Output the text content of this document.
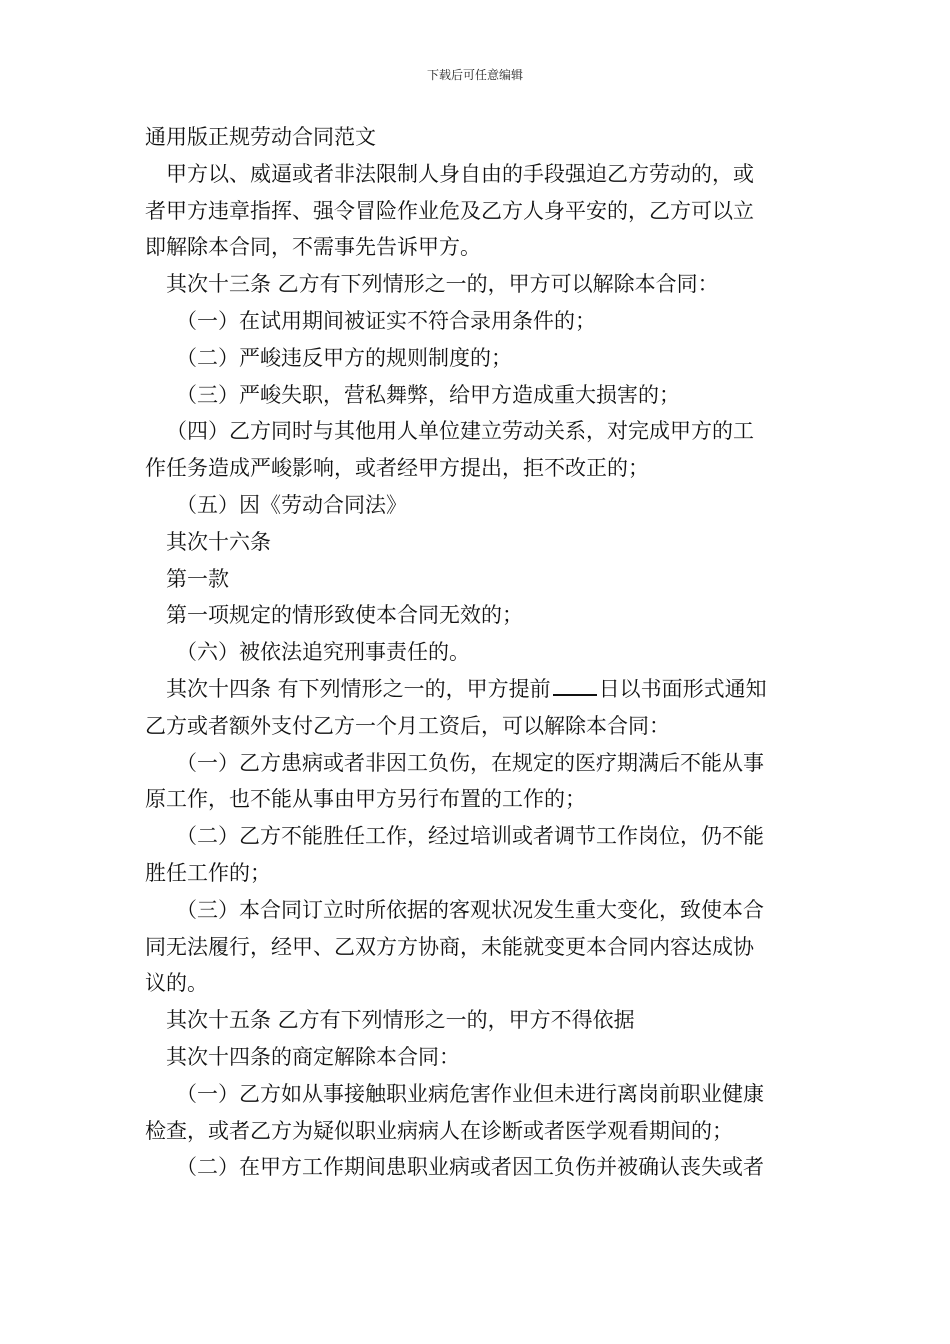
下载后可任意编辑
通用版正规劳动合同范文
甲方以、威逼或者非法限制人身自由的手段强迫乙方劳动的，或
者甲方违章指挥、强令冒险作业危及乙方人身平安的，乙方可以立
即解除本合同，不需事先告诉甲方。
其次十三条 乙方有下列情形之一的，甲方可以解除本合同：
（一）在试用期间被证实不符合录用条件的；
（二）严峻违反甲方的规则制度的；
（三）严峻失职，营私舞弊，给甲方造成重大损害的；
（四）乙方同时与其他用人单位建立劳动关系，对完成甲方的工
作任务造成严峻影响，或者经甲方提出，拒不改正的；
（五）因《劳动合同法》
其次十六条
第一款
第一项规定的情形致使本合同无效的；
（六）被依法追究刑事责任的。
其次十四条 有下列情形之一的，甲方提前 日以书面形式通知
乙方或者额外支付乙方一个月工资后，可以解除本合同：
（一）乙方患病或者非因工负伤，在规定的医疗期满后不能从事
原工作，也不能从事由甲方另行布置的工作的；
（二）乙方不能胜任工作，经过培训或者调节工作岗位，仍不能
胜任工作的；
（三）本合同订立时所依据的客观状况发生重大变化，致使本合
同无法履行，经甲、乙双方方协商，未能就变更本合同内容达成协
议的。
其次十五条 乙方有下列情形之一的，甲方不得依据
其次十四条的商定解除本合同：
（一）乙方如从事接触职业病危害作业但未进行离岗前职业健康
检查，或者乙方为疑似职业病病人在诊断或者医学观看期间的；
（二）在甲方工作期间患职业病或者因工负伤并被确认丧失或者
